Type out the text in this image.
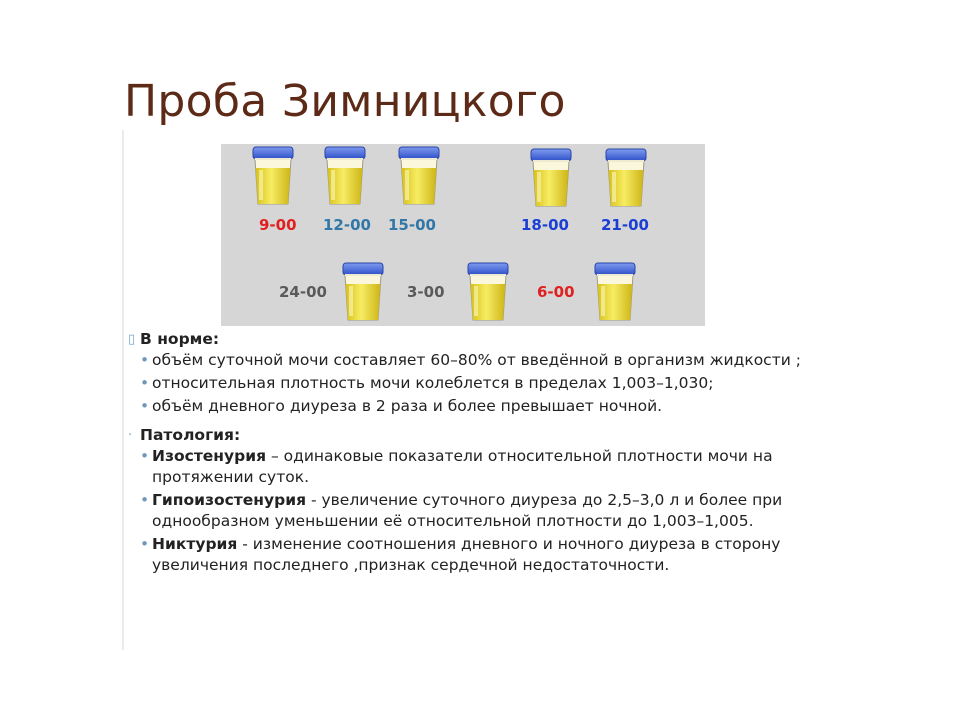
Проба Зимницкого
9-00 12-00 15-00	18-00 21-00
24-00	3-00	6-00
▯ В норме:
• объём суточной мочи составляет 60–80% от введённой в организм жидкости ;
• относительная плотность мочи колеблется в пределах 1,003–1,030;
• объём дневного диуреза в 2 раза и более превышает ночной.
· Патология:
• Изостенурия – одинаковые показатели относительной плотности мочи на протяжении суток.
• Гипоизостенурия - увеличение суточного диуреза до 2,5–3,0 л и более при однообразном уменьшении её относительной плотности до 1,003–1,005.
• Никтурия - изменение соотношения дневного и ночного диуреза в сторону увеличения последнего ,признак сердечной недостаточности.
